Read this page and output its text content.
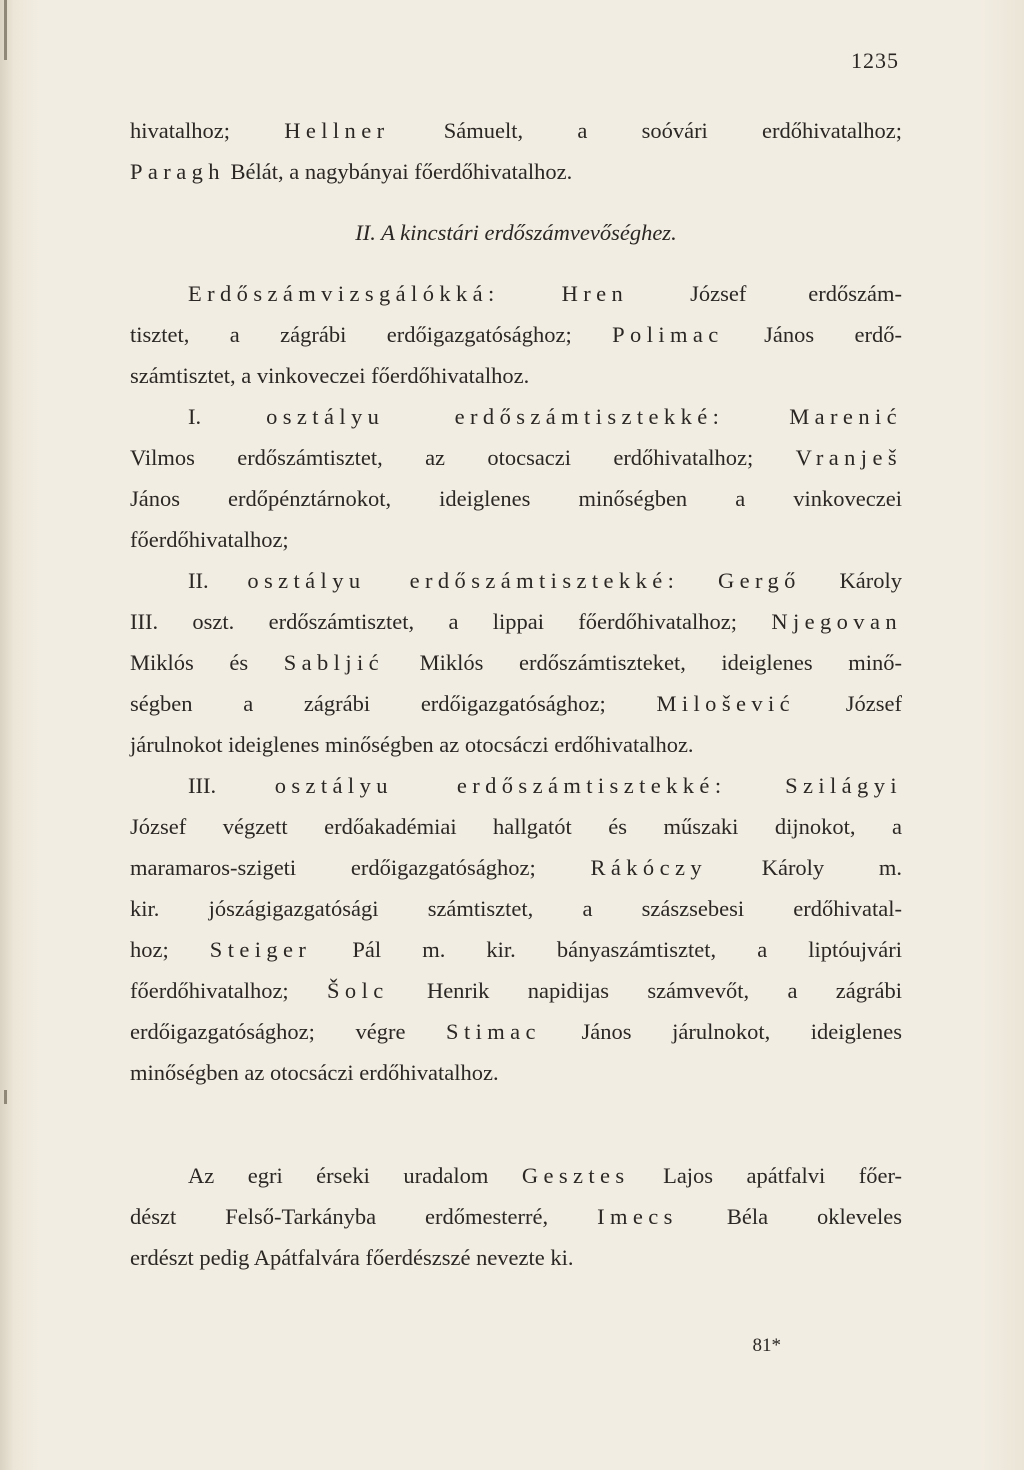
1235
hivatalhoz; Hellner Sámuelt, a soóvári erdőhivatalhoz;
Paragh Bélát, a nagybányai főerdőhivatalhoz.
II. A kincstári erdőszámvevőséghez.
Erdőszámvizsgálókká:	Hren József erdőszám-
tisztet, a zágrábi erdőigazgatósághoz; Polimac János erdő-
számtisztet, a vinkoveczei főerdőhivatalhoz.
I. osztályu erdőszámtisztekké:	Marenić
Vilmos erdőszámtisztet, az otocsaczi erdőhivatalhoz; Vranješ
János erdőpénztárnokot, ideiglenes minőségben a vinkoveczei
főerdőhivatalhoz;
II. osztályu erdőszámtisztekké: Gergő Károly
III. oszt. erdőszámtisztet, a lippai főerdőhivatalhoz; Njegovan
Miklós és Sabljić Miklós erdőszámtiszteket, ideiglenes minő-
ségben a zágrábi erdőigazgatósághoz; Milošević József
járulnokot ideiglenes minőségben az otocsáczi erdőhivatalhoz.
III. osztályu erdőszámtisztekké:	Szilágyi
József végzett erdőakadémiai hallgatót és műszaki dijnokot, a
maramaros-szigeti erdőigazgatósághoz; Rákóczy Károly m.
kir. jószágigazgatósági számtisztet, a szászsebesi erdőhivatal-
hoz; Steiger Pál m. kir. bányaszámtisztet, a liptóujvári
főerdőhivatalhoz; Šolc Henrik napidijas számvevőt, a zágrábi
erdőigazgatósághoz; végre Stimac János járulnokot, ideiglenes
minőségben az otocsáczi erdőhivatalhoz.
Az egri érseki uradalom Gesztes Lajos apátfalvi főer-
dészt Felső-Tarkányba erdőmesterré, Imecs Béla okleveles
erdészt pedig Apátfalvára főerdészszé nevezte ki.
81*
